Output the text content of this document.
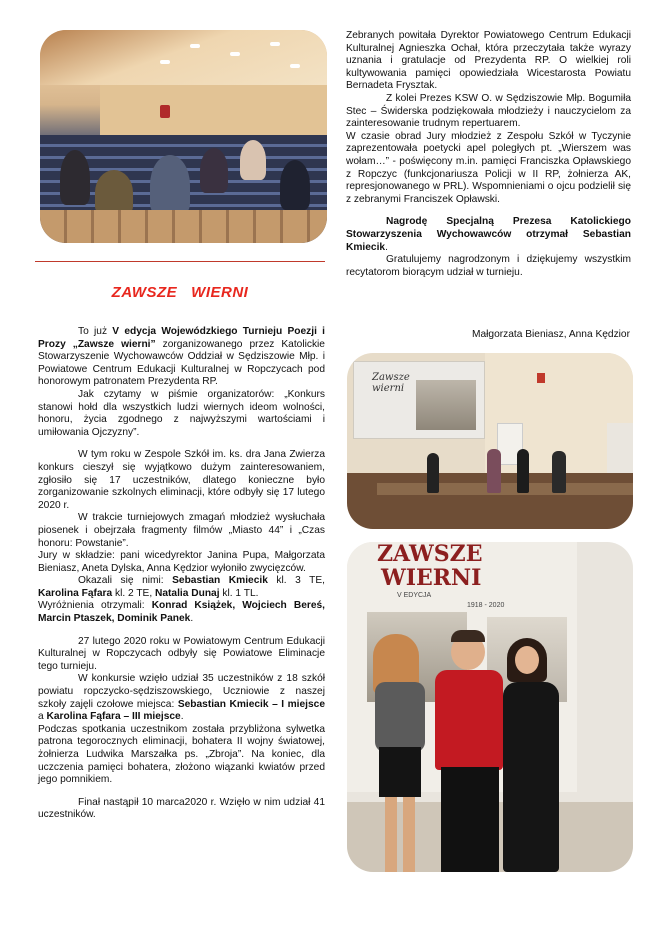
Zebranych powitała Dyrektor Powiatowego Centrum Edukacji Kulturalnej Agnieszka Ochał, która przeczytała także wyrazy uznania i gratulacje od Prezydenta RP. O wielkiej roli kultywowania pamięci opowiedziała Wicestarosta Powiatu Bernadeta Frysztak.

Z kolei Prezes KSW O. w Sędziszowie Młp. Bogumiła Stec – Świderska podziękowała młodzieży i nauczycielom za zainteresowanie trudnym repertuarem.

W czasie obrad Jury młodzież z Zespołu Szkół w Tyczynie zaprezentowała poetycki apel poległych pt. „Wierszem was wołam…” - poświęcony m.in. pamięci Franciszka Opławskiego z Ropczyc (funkcjonariusza Policji w II RP, żołnierza AK, represjonowanego w PRL). Wspomnieniami o ojcu podzielił się z zebranymi Franciszek Opławski.

Nagrodę Specjalną Prezesa Katolickiego Stowarzyszenia Wychowawców otrzymał Sebastian Kmiecik.

Gratulujemy nagrodzonym i dziękujemy wszystkim recytatorom biorącym udział w turnieju.

Małgorzata Bieniasz, Anna Kędzior
ZAWSZE   WIERNI

To już V edycja Wojewódzkiego Turnieju Poezji i Prozy „Zawsze wierni” zorganizowanego przez Katolickie Stowarzyszenie Wychowawców Oddział w Sędziszowie Młp. i Powiatowe Centrum Edukacji Kulturalnej w Ropczycach pod honorowym patronatem Prezydenta RP.

Jak czytamy w piśmie organizatorów: „Konkurs stanowi hołd dla wszystkich ludzi wiernych ideom wolności, honoru, życia zgodnego z najwyższymi wartościami i umiłowania Ojczyzny”.

W tym roku w Zespole Szkół im. ks. dra Jana Zwierza konkurs cieszył się wyjątkowo dużym zainteresowaniem, zgłosiło się 17 uczestników, dlatego konieczne było zorganizowanie szkolnych eliminacji, które odbyły się 17 lutego 2020 r.

W trakcie turniejowych zmagań młodzież wysłuchała piosenek i obejrzała fragmenty filmów „Miasto 44” i „Czas honoru: Powstanie”.

Jury w składzie: pani wicedyrektor Janina Pupa, Małgorzata Bieniasz, Aneta Dylska, Anna Kędzior wyłoniło zwycięzców.

Okazali się nimi: Sebastian Kmiecik kl. 3 TE, Karolina Fąfara kl. 2 TE, Natalia Dunaj kl. 1 TL.

Wyróżnienia otrzymali: Konrad Książek, Wojciech Bereś, Marcin Ptaszek, Dominik Panek.

27 lutego 2020 roku w Powiatowym Centrum Edukacji Kulturalnej w Ropczycach odbyły się Powiatowe Eliminacje tego turnieju.

W konkursie wzięło udział 35 uczestników z 18 szkół powiatu ropczycko-sędziszowskiego, Uczniowie z naszej szkoły zajęli czołowe miejsca: Sebastian Kmiecik – I miejsce a Karolina Fąfara – III miejsce.

Podczas spotkania uczestnikom została przybliżona sylwetka patrona tegorocznych eliminacji, bohatera II wojny światowej, żołnierza Ludwika Marszałka ps. „Zbroja”. Na koniec, dla uczczenia pamięci bohatera, złożono wiązanki kwiatów przed jego pomnikiem.

Finał nastąpił 10 marca2020 r. Wzięło w nim udział 41 uczestników.

Zawsze wierni
ZAWSZE
WIERNI
V EDYCJA
1918 - 2020
